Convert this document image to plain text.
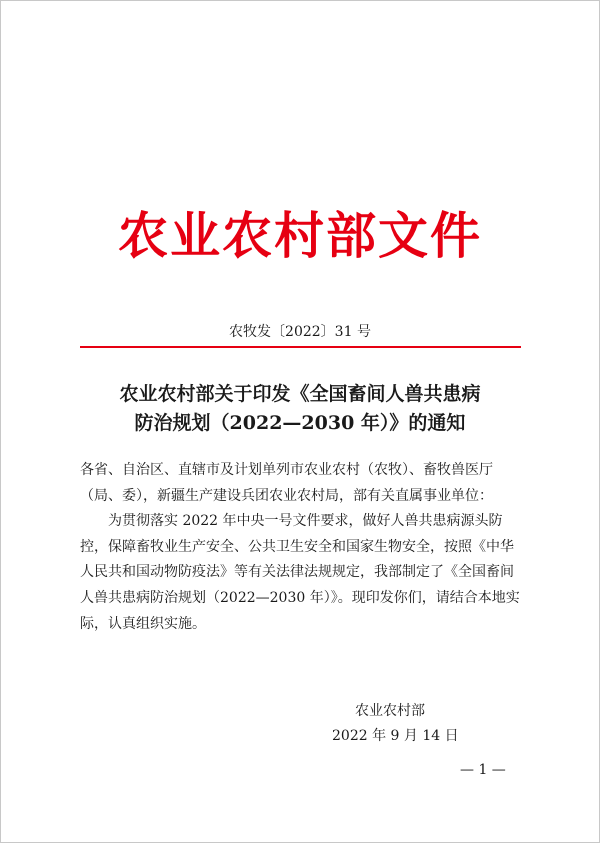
农业农村部文件
农牧发〔2022〕31 号
农业农村部关于印发《全国畜间人兽共患病
防治规划（2022—2030 年）》的通知

各省、自治区、直辖市及计划单列市农业农村（农牧）、畜牧兽医厅（局、委），新疆生产建设兵团农业农村局，部有关直属事业单位：

为贯彻落实 2022 年中央一号文件要求，做好人兽共患病源头防控，保障畜牧业生产安全、公共卫生安全和国家生物安全，按照《中华人民共和国动物防疫法》等有关法律法规规定，我部制定了《全国畜间人兽共患病防治规划（2022—2030 年）》。现印发你们，请结合本地实际，认真组织实施。

农业农村部
2022 年 9 月 14 日
— 1 —
